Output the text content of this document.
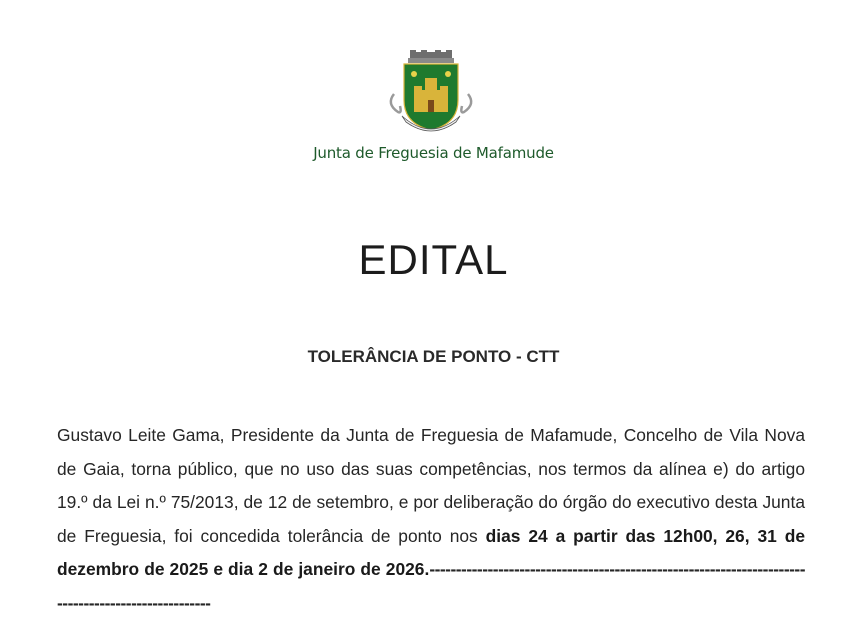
Junta de Freguesia de Mafamude
EDITAL
TOLERÂNCIA DE PONTO - CTT
Gustavo Leite Gama, Presidente da Junta de Freguesia de Mafamude, Concelho de Vila Nova de Gaia, torna público, que no uso das suas competências, nos termos da alínea e) do artigo 19.º da Lei n.º 75/2013, de 12 de setembro, e por deliberação do órgão do executivo desta Junta de Freguesia, foi concedida tolerância de ponto nos dias 24 a partir das 12h00, 26, 31 de dezembro de 2025 e dia 2 de janeiro de 2026.----------------------------------------------------------------------------------------------------
